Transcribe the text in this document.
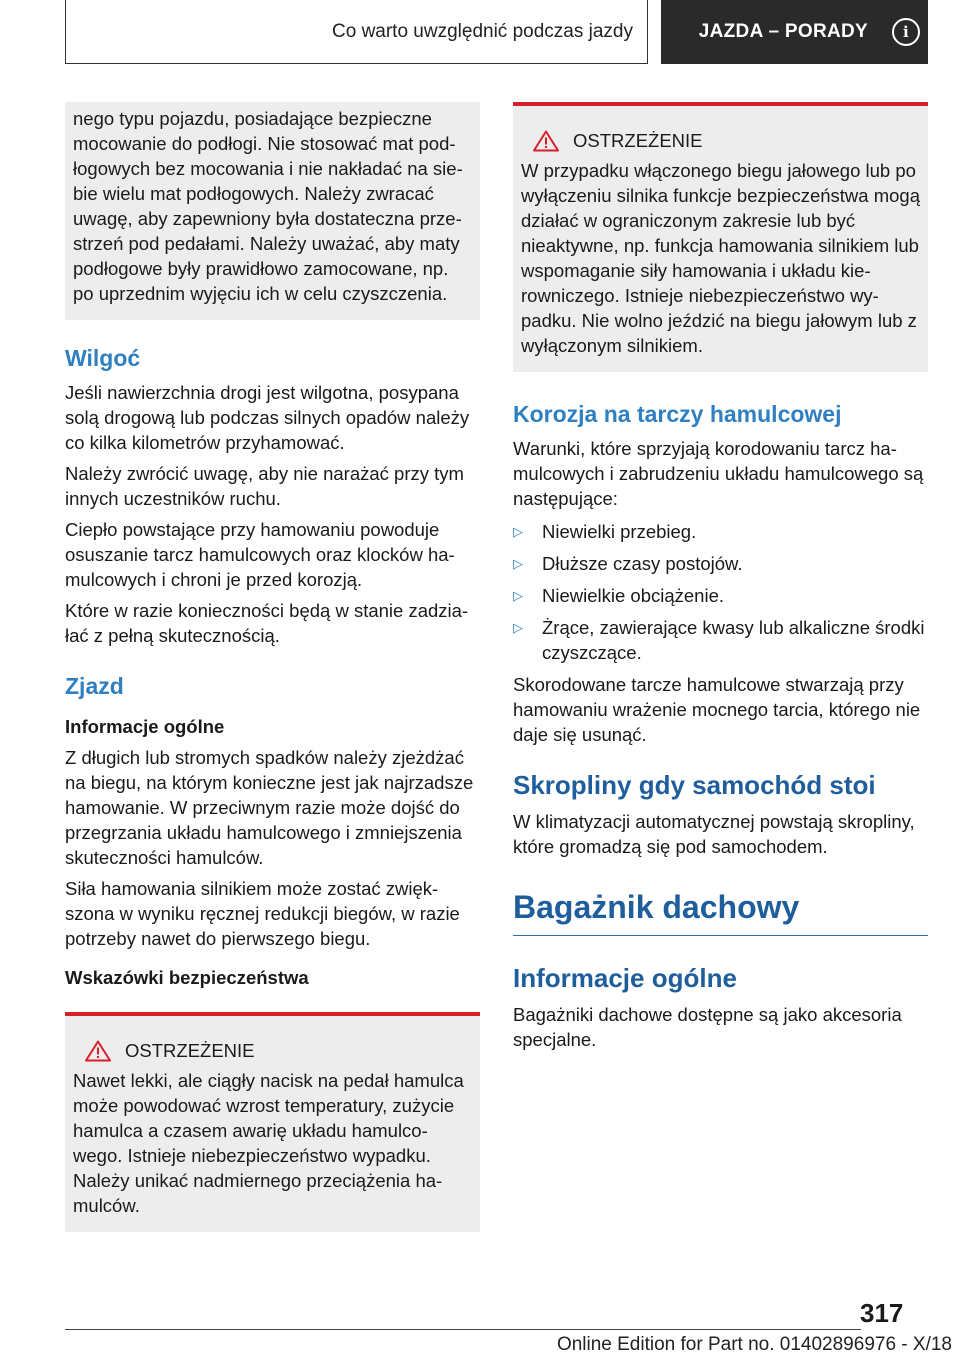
Co warto uwzględnić podczas jazdy	JAZDA – PORADY i

nego typu pojazdu, posiadające bezpieczne mocowanie do podłogi. Nie stosować mat pod-łogowych bez mocowania i nie nakładać na sie-bie wielu mat podłogowych. Należy zwracać uwagę, aby zapewniony była dostateczna prze-strzeń pod pedałami. Należy uważać, aby maty podłogowe były prawidłowo zamocowane, np. po uprzednim wyjęciu ich w celu czyszczenia.

Wilgoć

Jeśli nawierzchnia drogi jest wilgotna, posypana solą drogową lub podczas silnych opadów należy co kilka kilometrów przyhamować.

Należy zwrócić uwagę, aby nie narażać przy tym innych uczestników ruchu.

Ciepło powstające przy hamowaniu powoduje osuszanie tarcz hamulcowych oraz klocków ha-mulcowych i chroni je przed korozją.

Które w razie konieczności będą w stanie zadzia-łać z pełną skutecznością.

Zjazd
Informacje ogólne

Z długich lub stromych spadków należy zjeżdżać na biegu, na którym konieczne jest jak najrzadsze hamowanie. W przeciwnym razie może dojść do przegrzania układu hamulcowego i zmniejszenia skuteczności hamulców.

Siła hamowania silnikiem może zostać zwięk-szona w wyniku ręcznej redukcji biegów, w razie potrzeby nawet do pierwszego biegu.

Wskazówki bezpieczeństwa
OSTRZEŻENIE

Nawet lekki, ale ciągły nacisk na pedał hamulca może powodować wzrost temperatury, zużycie hamulca a czasem awarię układu hamulco-wego. Istnieje niebezpieczeństwo wypadku. Należy unikać nadmiernego przeciążenia ha-mulców.

OSTRZEŻENIE

W przypadku włączonego biegu jałowego lub po wyłączeniu silnika funkcje bezpieczeństwa mogą działać w ograniczonym zakresie lub być nieaktywne, np. funkcja hamowania silnikiem lub wspomaganie siły hamowania i układu kie-rowniczego. Istnieje niebezpieczeństwo wy-padku. Nie wolno jeździć na biegu jałowym lub z wyłączonym silnikiem.

Korozja na tarczy hamulcowej

Warunki, które sprzyjają korodowaniu tarcz ha-mulcowych i zabrudzeniu układu hamulcowego są następujące:

▷ Niewielki przebieg.
▷ Dłuższe czasy postojów.
▷ Niewielkie obciążenie.
▷ Żrące, zawierające kwasy lub alkaliczne środki czyszczące.

Skorodowane tarcze hamulcowe stwarzają przy hamowaniu wrażenie mocnego tarcia, którego nie daje się usunąć.

Skropliny gdy samochód stoi

W klimatyzacji automatycznej powstają skropliny, które gromadzą się pod samochodem.

Bagażnik dachowy
Informacje ogólne

Bagażniki dachowe dostępne są jako akcesoria specjalne.

317
Online Edition for Part no. 01402896976 - X/18
